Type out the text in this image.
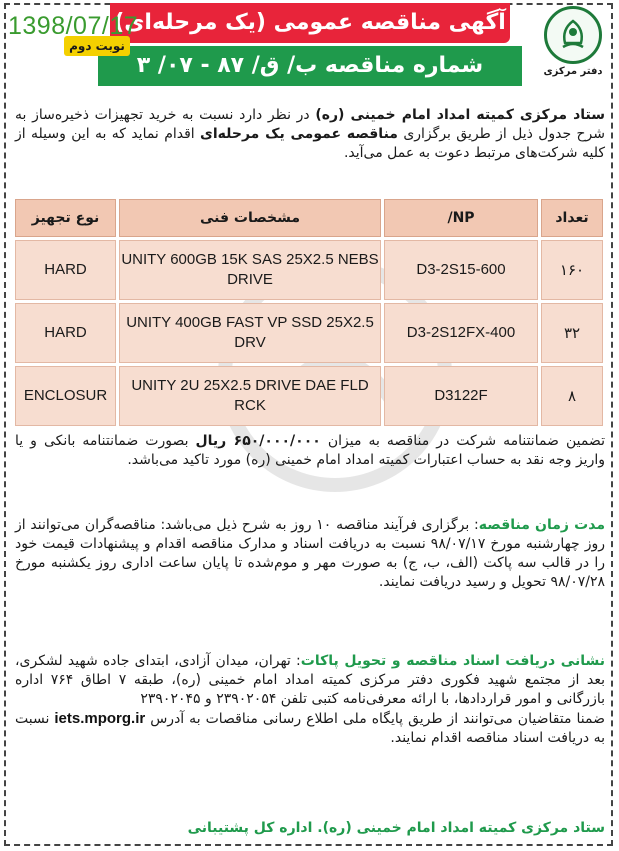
آگهی مناقصه عمومی (یک مرحله‌ای)
شماره مناقصه ب/ ق/ ۸۷ - ۰۷/ ۳
نوبت دوم
1398/07/17
دفتر مرکزی
ستاد مرکزی کمیته امداد امام خمینی (ره) در نظر دارد نسبت به خرید تجهیزات ذخیره‌ساز به شرح جدول ذیل از طریق برگزاری مناقصه عمومی یک مرحله‌ای اقدام نماید که به این وسیله از کلیه شرکت‌های مرتبط دعوت به عمل می‌آید.
تعداد	NP/	مشخصات فنی	نوع تجهیز
۱۶۰	D3-2S15-600	UNITY 600GB 15K SAS 25X2.5 NEBS DRIVE	HARD
۳۲	D3-2S12FX-400	UNITY 400GB FAST VP SSD 25X2.5 DRV	HARD
۸	D3122F	UNITY 2U 25X2.5 DRIVE DAE FLD RCK	ENCLOSUR
تضمین ضمانتنامه شرکت در مناقصه به میزان ۶۵۰/۰۰۰/۰۰۰ ریال بصورت ضمانتنامه بانکی و یا واریز وجه نقد به حساب اعتبارات کمیته امداد امام خمینی (ره) مورد تاکید می‌باشد.
مدت زمان مناقصه: برگزاری فرآیند مناقصه ۱۰ روز به شرح ذیل می‌باشد: مناقصه‌گران می‌توانند از روز چهارشنبه مورخ ۹۸/۰۷/۱۷ نسبت به دریافت اسناد و مدارک مناقصه اقدام و پیشنهادات قیمت خود را در قالب سه پاکت (الف، ب، ج) به صورت مهر و موم‌شده تا پایان ساعت اداری روز یکشنبه مورخ ۹۸/۰۷/۲۸ تحویل و رسید دریافت نمایند.
نشانی دریافت اسناد مناقصه و تحویل پاکات: تهران، میدان آزادی، ابتدای جاده شهید لشکری، بعد از مجتمع شهید فکوری دفتر مرکزی کمیته امداد امام خمینی (ره)، طبقه ۷ اطاق ۷۶۴ اداره بازرگانی و امور قراردادها، با ارائه معرفی‌نامه کتبی تلفن ۲۳۹۰۲۰۵۴ و ۲۳۹۰۲۰۴۵
ضمنا متقاضیان می‌توانند از طریق پایگاه ملی اطلاع رسانی مناقصات به آدرس iets.mporg.ir نسبت به دریافت اسناد مناقصه اقدام نمایند.
ستاد مرکزی کمیته امداد امام خمینی (ره). اداره کل پشتیبانی
